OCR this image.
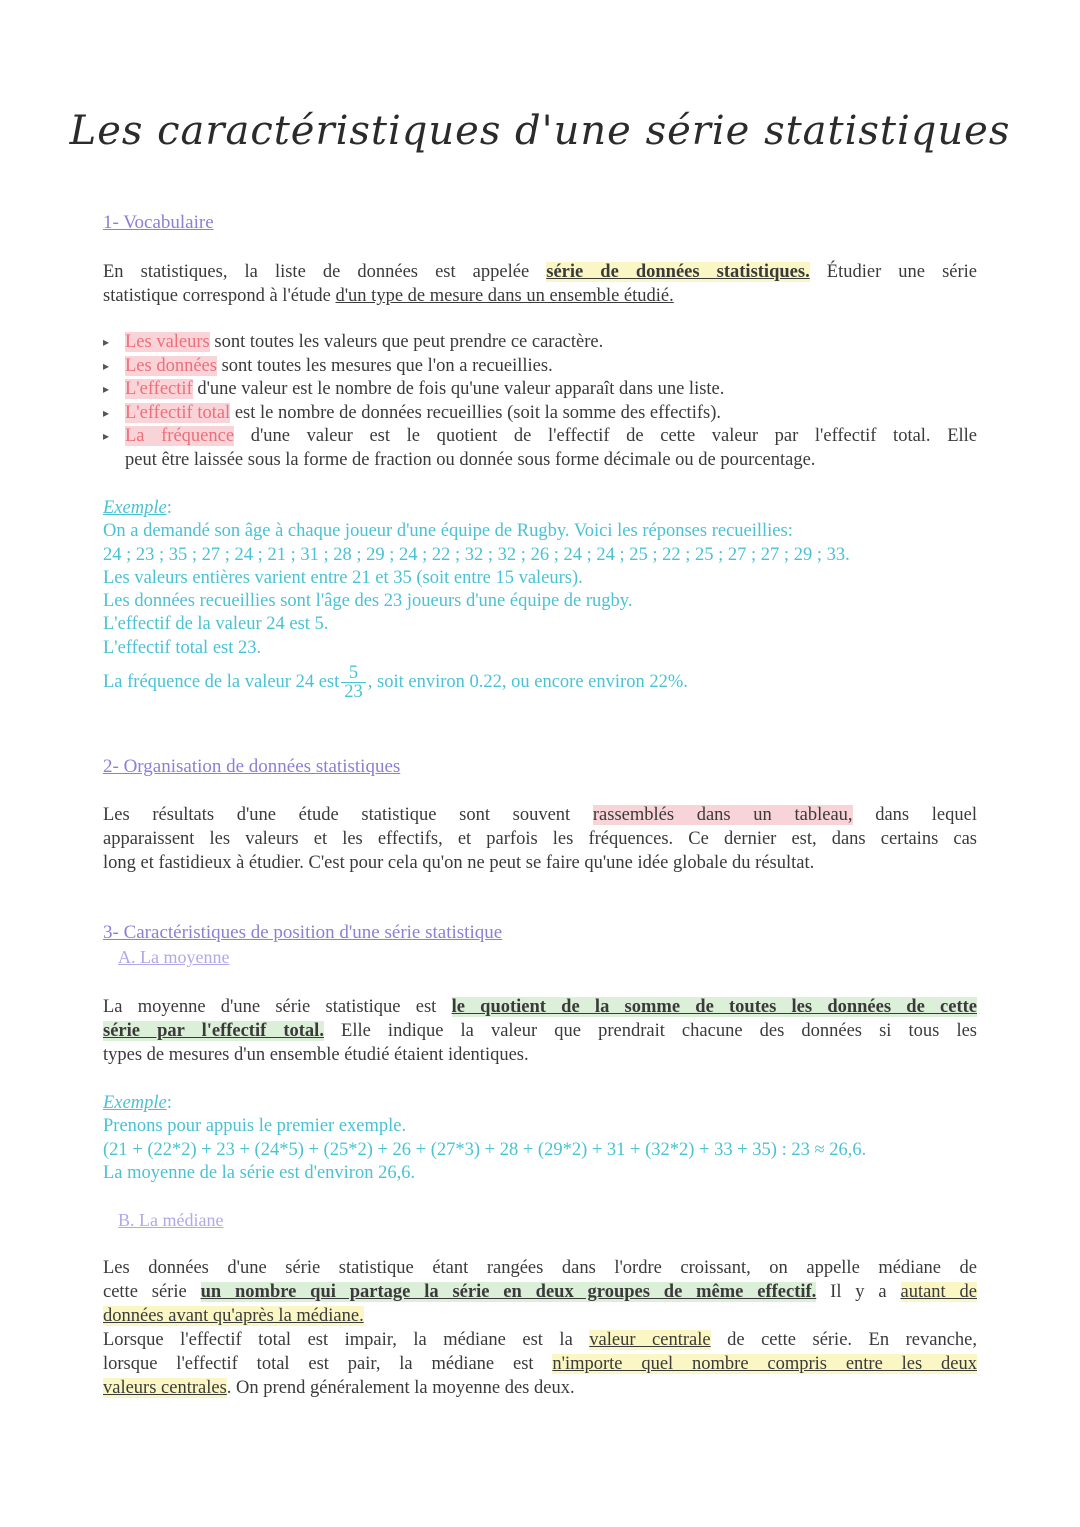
Les caractéristiques d'une série statistiques
1- Vocabulaire
En statistiques, la liste de données est appelée série de données statistiques. Étudier une série
statistique correspond à l'étude d'un type de mesure dans un ensemble étudié.
▸ Les valeurs sont toutes les valeurs que peut prendre ce caractère.
▸ Les données sont toutes les mesures que l'on a recueillies.
▸ L'effectif d'une valeur est le nombre de fois qu'une valeur apparaît dans une liste.
▸ L'effectif total est le nombre de données recueillies (soit la somme des effectifs).
▸ La fréquence d'une valeur est le quotient de l'effectif de cette valeur par l'effectif total. Elle
peut être laissée sous la forme de fraction ou donnée sous forme décimale ou de pourcentage.
Exemple:
On a demandé son âge à chaque joueur d'une équipe de Rugby. Voici les réponses recueillies:
24 ; 23 ; 35 ; 27 ; 24 ; 21 ; 31 ; 28 ; 29 ; 24 ; 22 ; 32 ; 32 ; 26 ; 24 ; 24 ; 25 ; 22 ; 25 ; 27 ; 27 ; 29 ; 33.
Les valeurs entières varient entre 21 et 35 (soit entre 15 valeurs).
Les données recueillies sont l'âge des 23 joueurs d'une équipe de rugby.
L'effectif de la valeur 24 est 5.
L'effectif total est 23.
La fréquence de la valeur 24 est $\frac{5}{23}$ , soit environ 0.22, ou encore environ 22%.
2- Organisation de données statistiques
Les résultats d'une étude statistique sont souvent rassemblés dans un tableau, dans lequel
apparaissent les valeurs et les effectifs, et parfois les fréquences. Ce dernier est, dans certains cas
long et fastidieux à étudier. C'est pour cela qu'on ne peut se faire qu'une idée globale du résultat.
3- Caractéristiques de position d'une série statistique
A. La moyenne
La moyenne d'une série statistique est le quotient de la somme de toutes les données de cette
série par l'effectif total. Elle indique la valeur que prendrait chacune des données si tous les
types de mesures d'un ensemble étudié étaient identiques.
Exemple:
Prenons pour appuis le premier exemple.
(21 + (22*2) + 23 + (24*5) + (25*2) + 26 + (27*3) + 28 + (29*2) + 31 + (32*2) + 33 + 35) : 23 ≈ 26,6.
La moyenne de la série est d'environ 26,6.
B. La médiane
Les données d'une série statistique étant rangées dans l'ordre croissant, on appelle médiane de
cette série un nombre qui partage la série en deux groupes de même effectif. Il y a autant de
données avant qu'après la médiane.
Lorsque l'effectif total est impair, la médiane est la valeur centrale de cette série. En revanche,
lorsque l'effectif total est pair, la médiane est n'importe quel nombre compris entre les deux
valeurs centrales. On prend généralement la moyenne des deux.
